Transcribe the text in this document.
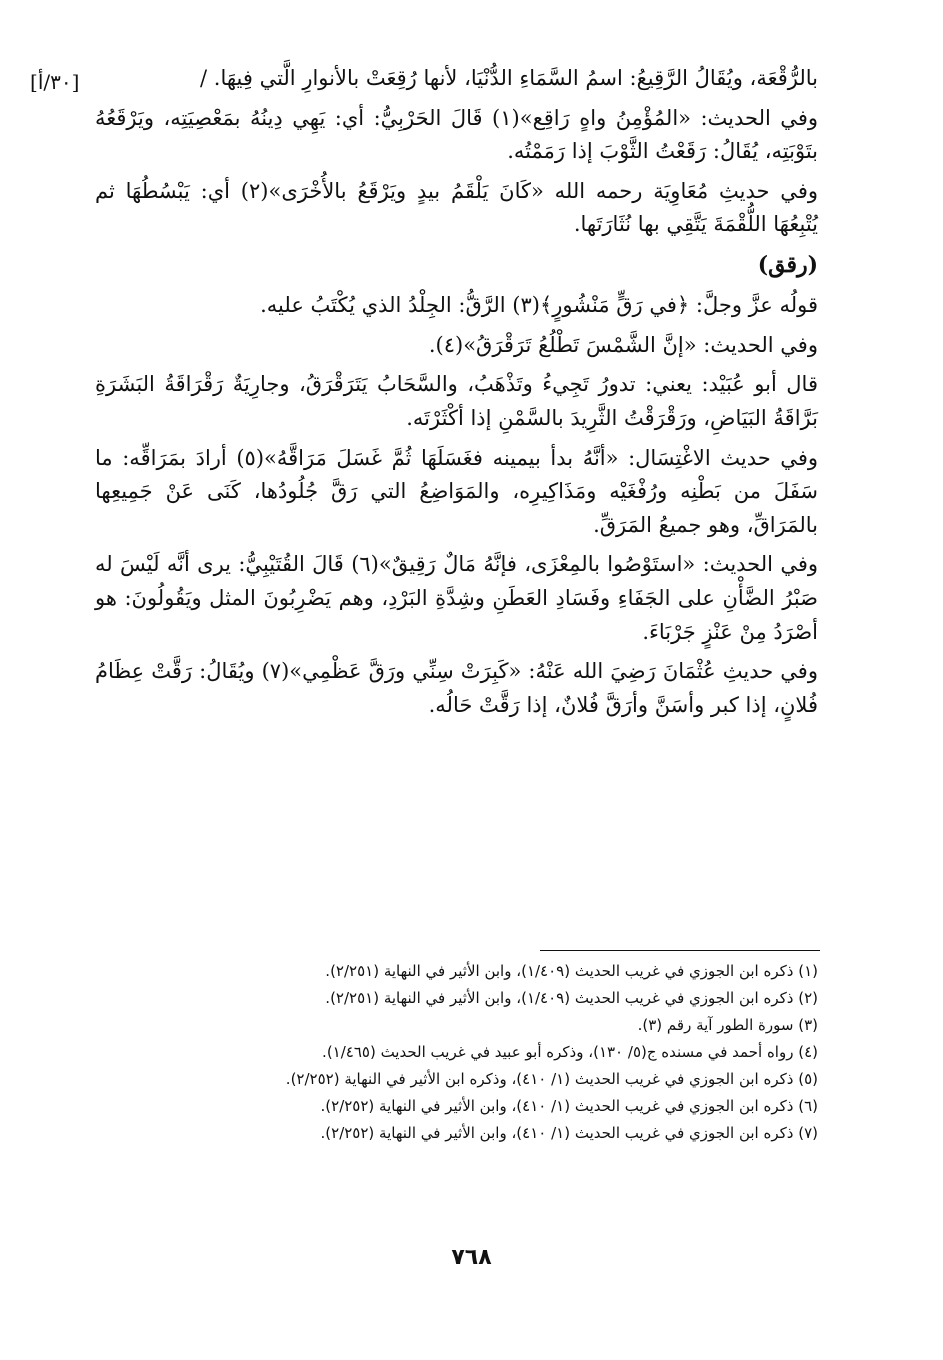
[٣٠/أ]	بالرُّقْعَة، ويُقَالُ الرَّقِيعُ: اسمُ السَّمَاءِ الدُّنْيَا، لأنها رُقِعَتْ بالأنوارِ الَّتي فِيهَا. /

وفي الحديث: «المُؤْمِنُ واهٍ رَاقِع»(١) قَالَ الحَرْبِيُّ: أي: يَهِي دِينُهُ بمَعْصِيَتِه، ويَرْقَعُهُ بتَوْبَتِه، يُقَالُ: رَقَعْتُ الثَّوْبَ إذا رَمَمْتُه.

وفي حديثِ مُعَاوِيَة رحمه الله «كَانَ يَلْقَمُ بيدٍ ويَرْقَعُ بالأُخْرَى»(٢) أي: يَبْسُطُهَا ثم يُتْبِعُهَا اللُّقْمَةَ يَتَّقِي بها نُثَارَتَها.

(رقق)

قولُه عزَّ وجلَّ: ﴿في رَقٍّ مَنْشُورٍ﴾(٣) الرَّقُّ: الجِلْدُ الذي يُكْتَبُ عليه.

وفي الحديث: «إنَّ الشَّمْسَ تَطْلُعُ تَرَقْرَقُ»(٤).

قال أبو عُبَيْد: يعني: تدورُ تَجِيءُ وتَذْهَبُ، والسَّحَابُ يَتَرَقْرَقُ، وجارِيَةٌ رَقْرَاقَةُ البَشَرَةِ بَرَّاقَةُ البَيَاضِ، ورَقْرَقْتُ الثَّرِيدَ بالسَّمْنِ إذا أكْثَرْتَه.

وفي حديث الاغْتِسَال: «أنَّهُ بدأ بيمينه فغَسَلَهَا ثُمَّ غَسَلَ مَرَاقَّهُ»(٥) أرادَ بمَرَاقِّه: ما سَفَلَ من بَطْنِه ورُفْغَيْه ومَذَاكِيرِه، والمَوَاضِعُ التي رَقَّ جُلُودُها، كَنَى عَنْ جَمِيعِها بالمَرَاقِّ، وهو جميعُ المَرَقِّ.

وفي الحديث: «استَوْصُوا بالمِعْزَى، فإنَّهُ مَالٌ رَقِيقٌ»(٦) قَالَ القُتَيْبِيُّ: يرى أنَّه لَيْسَ له صَبْرُ الضَّأْنِ على الجَفَاءِ وفَسَادِ العَطَنِ وشِدَّةِ البَرْدِ، وهم يَضْرِبُونَ المثل ويَقُولُونَ: هو أصْرَدُ مِنْ عَنْزٍ جَرْبَاءَ.

وفي حديثِ عُثْمَانَ رَضِيَ الله عَنْهُ: «كَبِرَتْ سِنِّي ورَقَّ عَظْمِي»(٧) ويُقَالُ: رَقَّتْ عِظَامُ فُلانٍ، إذا كبر وأسَنَّ وأرَقَّ فُلانٌ، إذا رَقَّتْ حَالُه.

(١) ذكره ابن الجوزي في غريب الحديث (١/٤٠٩)، وابن الأثير في النهاية (٢/٢٥١).

(٢) ذكره ابن الجوزي في غريب الحديث (١/٤٠٩)، وابن الأثير في النهاية (٢/٢٥١).

(٣) سورة الطور آية رقم (٣).

(٤) رواه أحمد في مسنده ج(٥/ ١٣٠)، وذكره أبو عبيد في غريب الحديث (١/٤٦٥).

(٥) ذكره ابن الجوزي في غريب الحديث (١/ ٤١٠)، وذكره ابن الأثير في النهاية (٢/٢٥٢).

(٦) ذكره ابن الجوزي في غريب الحديث (١/ ٤١٠)، وابن الأثير في النهاية (٢/٢٥٢).

(٧) ذكره ابن الجوزي في غريب الحديث (١/ ٤١٠)، وابن الأثير في النهاية (٢/٢٥٢).

٧٦٨
